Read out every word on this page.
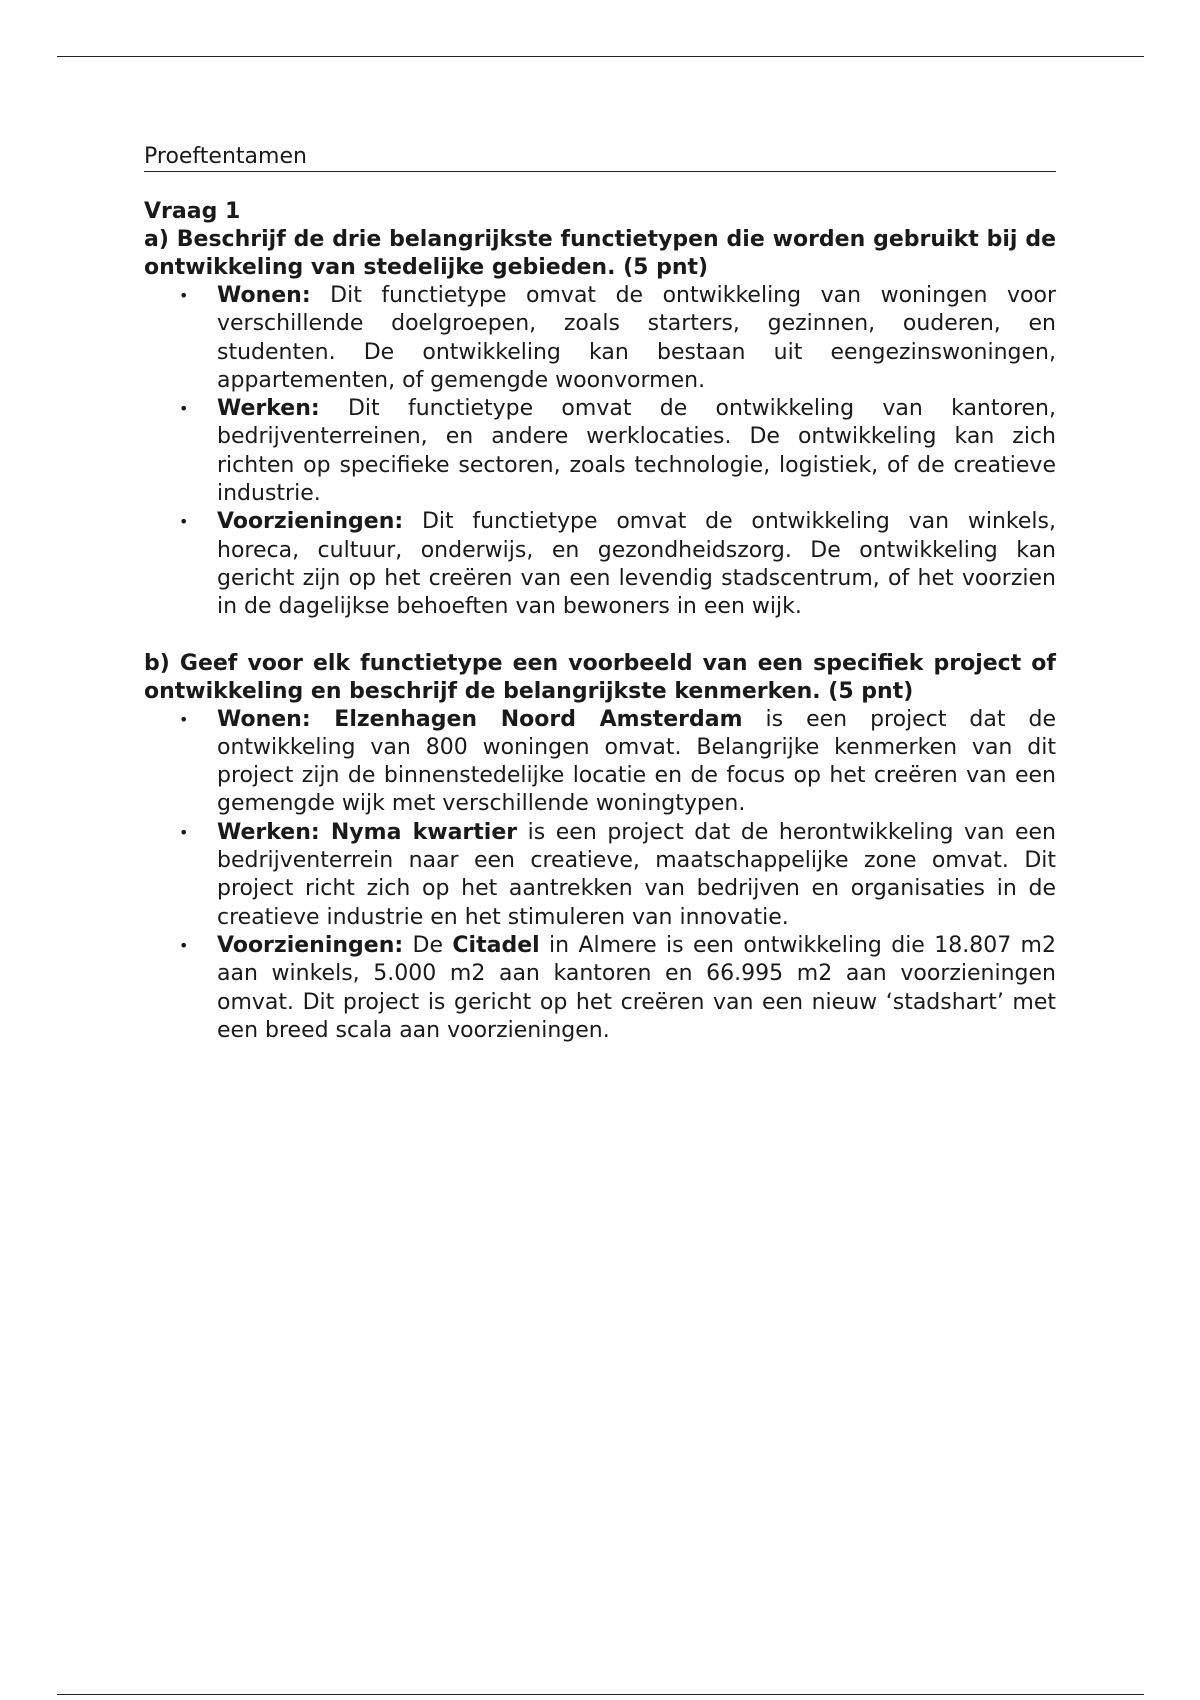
Proeftentamen

Vraag 1

a) Beschrijf de drie belangrijkste functietypen die worden gebruikt bij de ontwikkeling van stedelijke gebieden. (5 pnt)

• Wonen: Dit functietype omvat de ontwikkeling van woningen voor verschillende doelgroepen, zoals starters, gezinnen, ouderen, en studenten. De ontwikkeling kan bestaan uit eengezinswoningen, appartementen, of gemengde woonvormen.
• Werken: Dit functietype omvat de ontwikkeling van kantoren, bedrijventerreinen, en andere werklocaties. De ontwikkeling kan zich richten op specifieke sectoren, zoals technologie, logistiek, of de creatieve industrie.
• Voorzieningen: Dit functietype omvat de ontwikkeling van winkels, horeca, cultuur, onderwijs, en gezondheidszorg. De ontwikkeling kan gericht zijn op het creëren van een levendig stadscentrum, of het voorzien in de dagelijkse behoeften van bewoners in een wijk.

b) Geef voor elk functietype een voorbeeld van een specifiek project of ontwikkeling en beschrijf de belangrijkste kenmerken. (5 pnt)

• Wonen: Elzenhagen Noord Amsterdam is een project dat de ontwikkeling van 800 woningen omvat. Belangrijke kenmerken van dit project zijn de binnenstedelijke locatie en de focus op het creëren van een gemengde wijk met verschillende woningtypen.
• Werken: Nyma kwartier is een project dat de herontwikkeling van een bedrijventerrein naar een creatieve, maatschappelijke zone omvat. Dit project richt zich op het aantrekken van bedrijven en organisaties in de creatieve industrie en het stimuleren van innovatie.
• Voorzieningen: De Citadel in Almere is een ontwikkeling die 18.807 m2 aan winkels, 5.000 m2 aan kantoren en 66.995 m2 aan voorzieningen omvat. Dit project is gericht op het creëren van een nieuw ‘stadshart’ met een breed scala aan voorzieningen.
